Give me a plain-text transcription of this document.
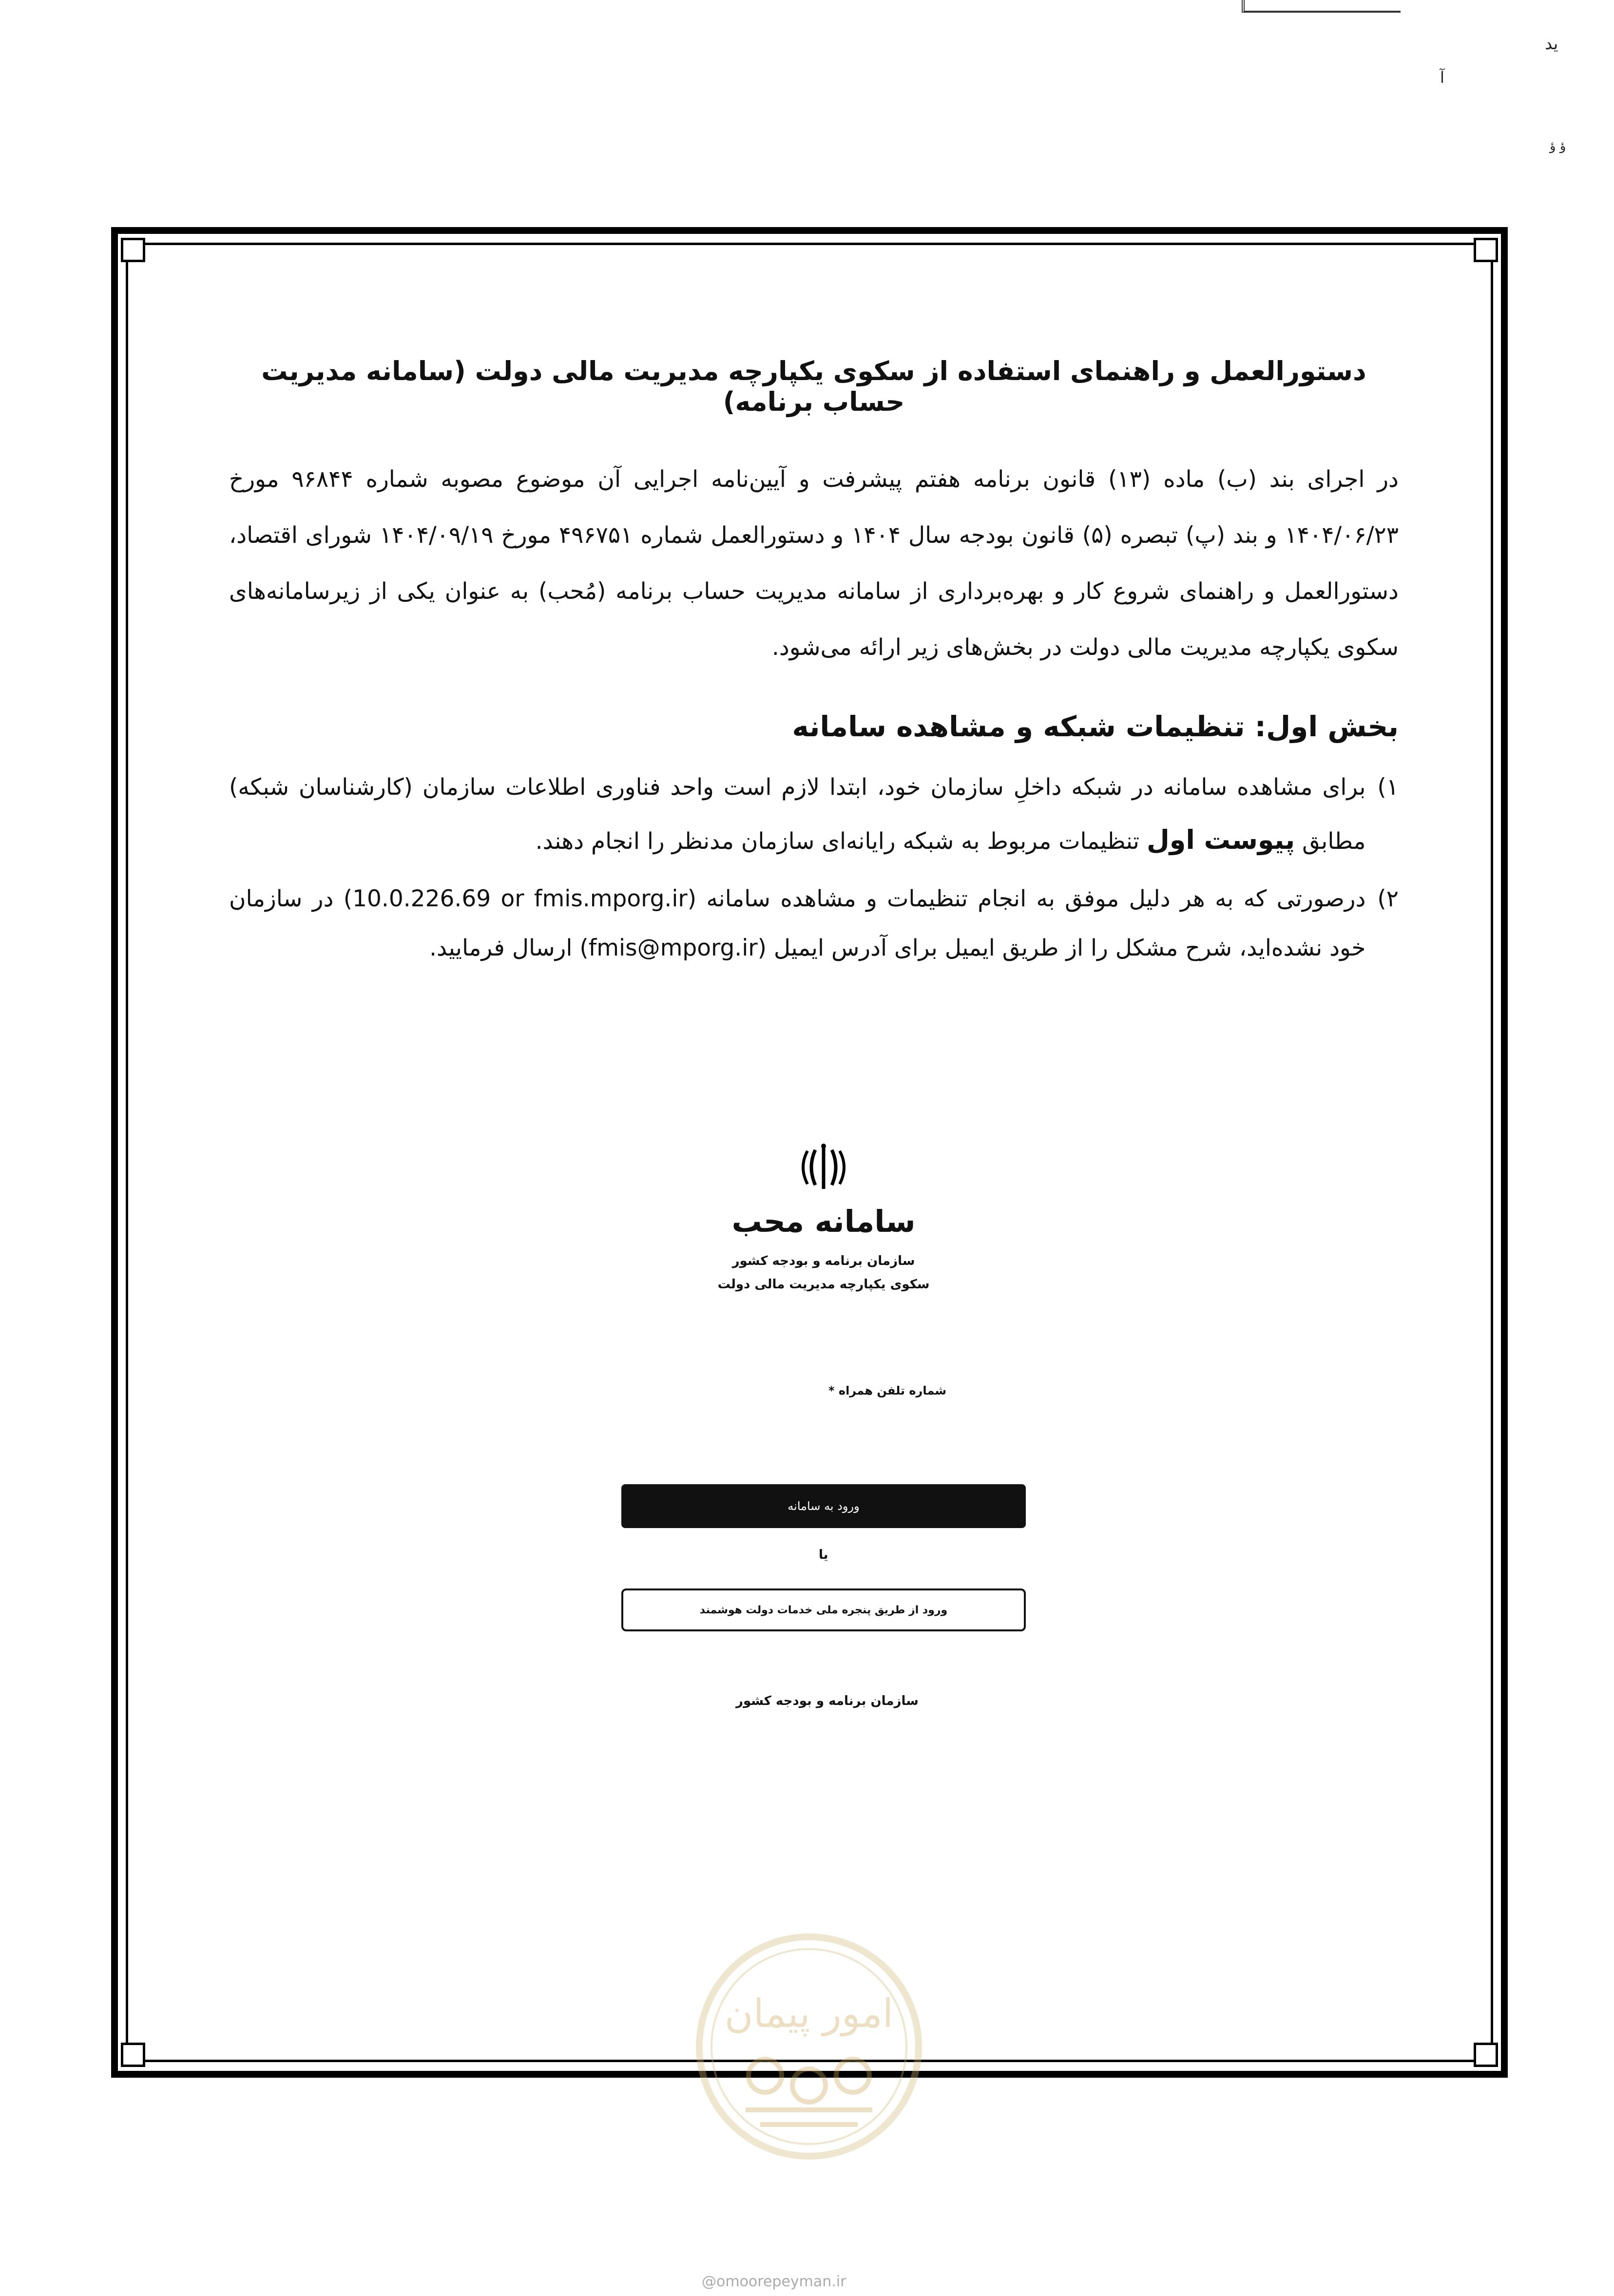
ید
آ
ؤ ؤ
دستورالعمل و راهنمای استفاده از سکوی یکپارچه مدیریت مالی دولت (سامانه مدیریت حساب برنامه)

در اجرای بند (ب) ماده (۱۳) قانون برنامه هفتم پیشرفت و آیین‌نامه اجرایی آن موضوع مصوبه شماره ۹۶۸۴۴ مورخ ۱۴۰۴/۰۶/۲۳ و بند (پ) تبصره (۵) قانون بودجه سال ۱۴۰۴ و دستورالعمل شماره ۴۹۶۷۵۱ مورخ ۱۴۰۴/۰۹/۱۹ شورای اقتصاد، دستورالعمل و راهنمای شروع کار و بهره‌برداری از سامانه مدیریت حساب برنامه (مُحب) به عنوان یکی از زیرسامانه‌های سکوی یکپارچه مدیریت مالی دولت در بخش‌های زیر ارائه می‌شود.

بخش اول: تنظیمات شبکه و مشاهده سامانه
۱)
برای مشاهده سامانه در شبکه داخلِ سازمان خود، ابتدا لازم است واحد فناوری اطلاعات سازمان (کارشناسان شبکه) مطابق پیوست اول تنظیمات مربوط به شبکه رایانه‌ای سازمان مدنظر را انجام دهند.
۲)
درصورتی که به هر دلیل موفق به انجام تنظیمات و مشاهده سامانه (10.0.226.69 or fmis.mporg.ir) در سازمان خود نشده‌اید، شرح مشکل را از طریق ایمیل برای آدرس ایمیل (fmis@mporg.ir) ارسال فرمایید.
سامانه محب
سازمان برنامه و بودجه کشور
سکوی یکپارچه مدیریت مالی دولت
شماره تلفن همراه *
ورود به سامانه
یا
ورود از طریق پنجره ملی خدمات دولت هوشمند
سازمان برنامه و بودجه کشور
امور پیمان
@omoorepeyman.ir
